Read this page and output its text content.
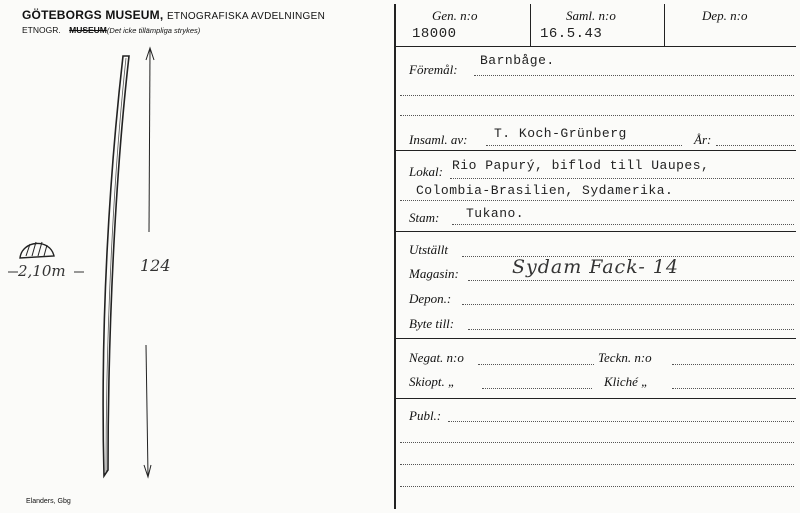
GÖTEBORGS MUSEUM, ETNOGRAFISKA AVDELNINGEN
ETNOGR. MUSEUM(Det icke tillämpliga strykes)
2,10m	124
Elanders, Gbg
Gen. n:o
18000
Saml. n:o
16.5.43
Dep. n:o
Föremål:
Barnbåge.
Insaml. av: T. Koch-Grünberg	År:
Lokal: Rio Papurý, biflod till Uaupes,
Colombia-Brasilien, Sydamerika.
Stam: Tukano.
Utställt
Magasin:	Sydam Fack- 14
Depon.:
Byte till:
Negat. n:o	Teckn. n:o
Skiopt. „	Kliché „
Publ.:
